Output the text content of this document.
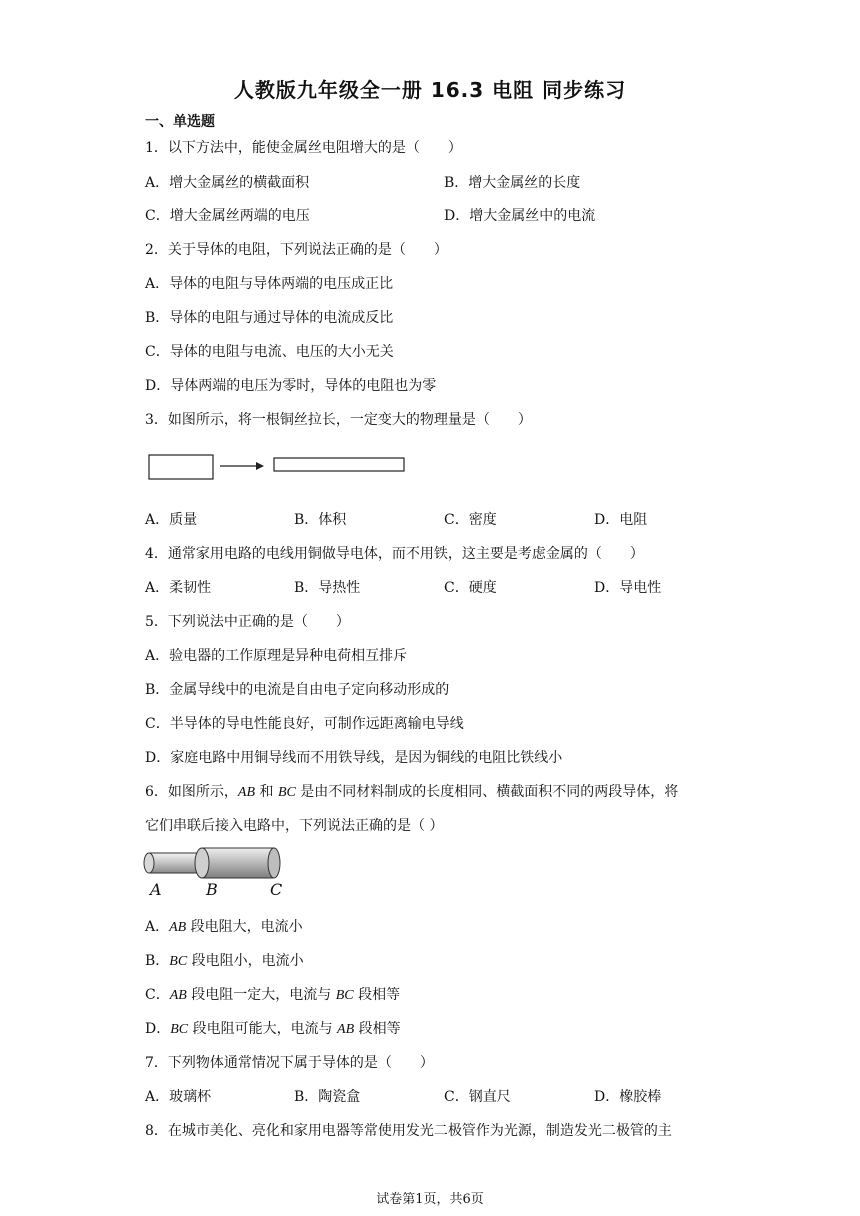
人教版九年级全一册 16.3 电阻 同步练习
一、单选题
1．以下方法中，能使金属丝电阻增大的是（　　）
A．增大金属丝的横截面积	B．增大金属丝的长度
C．增大金属丝两端的电压	D．增大金属丝中的电流
2．关于导体的电阻，下列说法正确的是（　　）
A．导体的电阻与导体两端的电压成正比
B．导体的电阻与通过导体的电流成反比
C．导体的电阻与电流、电压的大小无关
D．导体两端的电压为零时，导体的电阻也为零
3．如图所示，将一根铜丝拉长，一定变大的物理量是（　　）
A．质量	B．体积	C．密度	D．电阻
4．通常家用电路的电线用铜做导电体，而不用铁，这主要是考虑金属的（　　）
A．柔韧性	B．导热性	C．硬度	D．导电性
5．下列说法中正确的是（　　）
A．验电器的工作原理是异种电荷相互排斥
B．金属导线中的电流是自由电子定向移动形成的
C．半导体的导电性能良好，可制作远距离输电导线
D．家庭电路中用铜导线而不用铁导线，是因为铜线的电阻比铁线小
6．如图所示，AB 和 BC 是由不同材料制成的长度相同、横截面积不同的两段导体，将
它们串联后接入电路中，下列说法正确的是（ ）
A	B	C
A．AB 段电阻大，电流小
B．BC 段电阻小，电流小
C．AB 段电阻一定大，电流与 BC 段相等
D．BC 段电阻可能大，电流与 AB 段相等
7．下列物体通常情况下属于导体的是（　　）
A．玻璃杯	B．陶瓷盒	C．钢直尺	D．橡胶棒
8．在城市美化、亮化和家用电器等常使用发光二极管作为光源，制造发光二极管的主
试卷第1页，共6页
